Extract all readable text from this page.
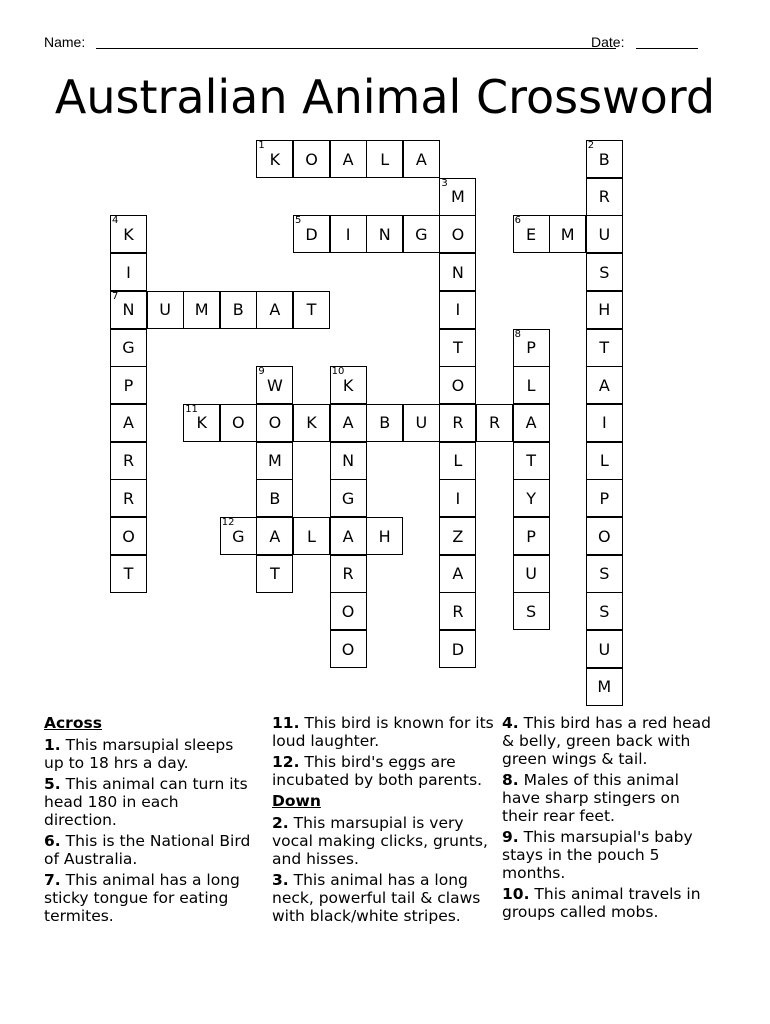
Name:	Date:
Australian Animal Crossword
1
K	O	A	L	A
2
B
R
U
S
H
T
A
I
L
P
O
S
S
U
M
3
M
O
N
I
T
O
R
L
I
Z
A
R
D
4
K
I
7
N
G
P
A
R
R
O
T
5
D	I	N	G
6
E	M
U	M	B	A	T
8
P
L
A
T
Y
P
U
S
9
W
O
M
B
A
T
10
K
A
N
G
A
R
O
O
11
K	O	K	B	U	R
12
G	L	H

Across

1. This marsupial sleeps up to 18 hrs a day.

5. This animal can turn its head 180 in each direction.

6. This is the National Bird of Australia.

7. This animal has a long sticky tongue for eating termites.

11. This bird is known for its loud laughter.

12. This bird's eggs are incubated by both parents.

Down

2. This marsupial is very vocal making clicks, grunts, and hisses.

3. This animal has a long neck, powerful tail & claws with black/white stripes.

4. This bird has a red head & belly, green back with green wings & tail.

8. Males of this animal have sharp stingers on their rear feet.

9. This marsupial's baby stays in the pouch 5 months.

10. This animal travels in groups called mobs.
